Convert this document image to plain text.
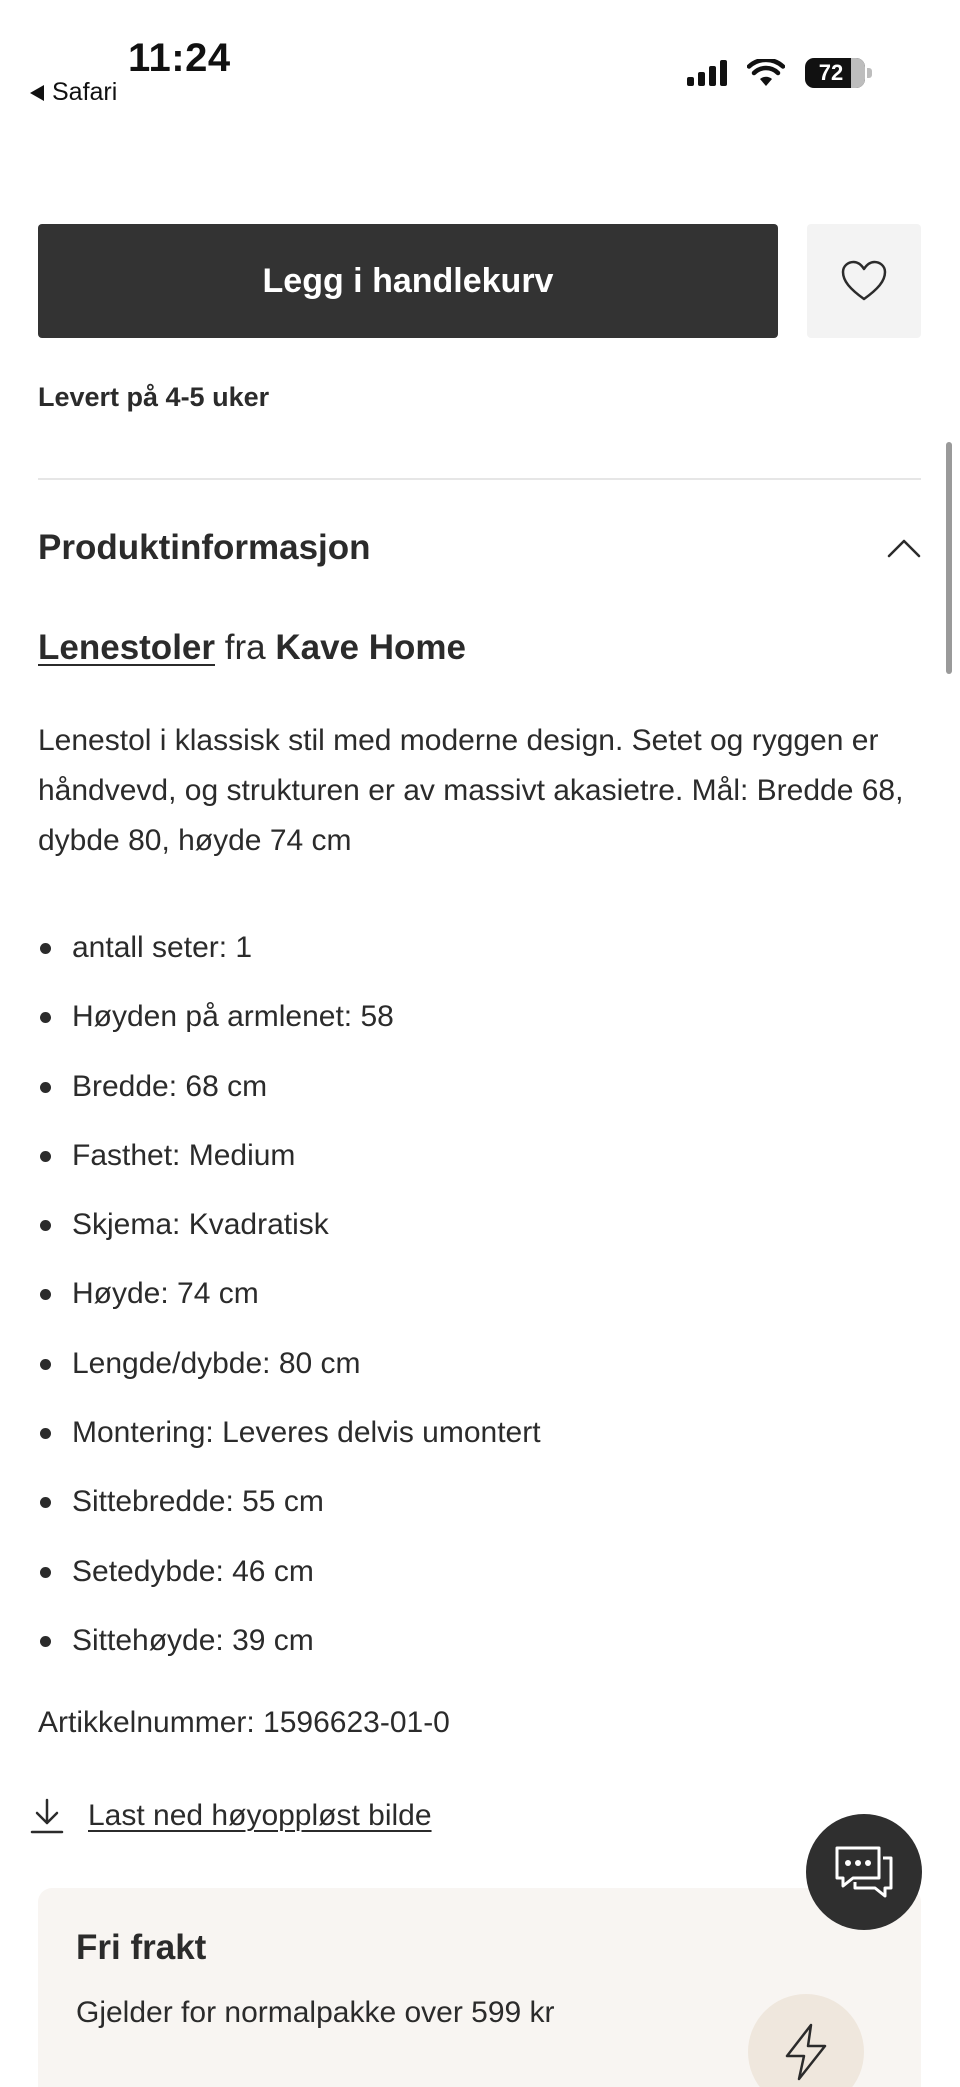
11:24
Safari
72
Legg i handlekurv
Levert på 4-5 uker
Produktinformasjon
Lenestoler fra Kave Home

Lenestol i klassisk stil med moderne design. Setet og ryggen er håndvevd, og strukturen er av massivt akasietre. Mål: Bredde 68, dybde 80, høyde 74 cm

antall seter: 1
Høyden på armlenet: 58
Bredde: 68 cm
Fasthet: Medium
Skjema: Kvadratisk
Høyde: 74 cm
Lengde/dybde: 80 cm
Montering: Leveres delvis umontert
Sittebredde: 55 cm
Setedybde: 46 cm
Sittehøyde: 39 cm
Artikkelnummer: 1596623-01-0
Last ned høyoppløst bilde
Fri frakt
Gjelder for normalpakke over 599 kr
